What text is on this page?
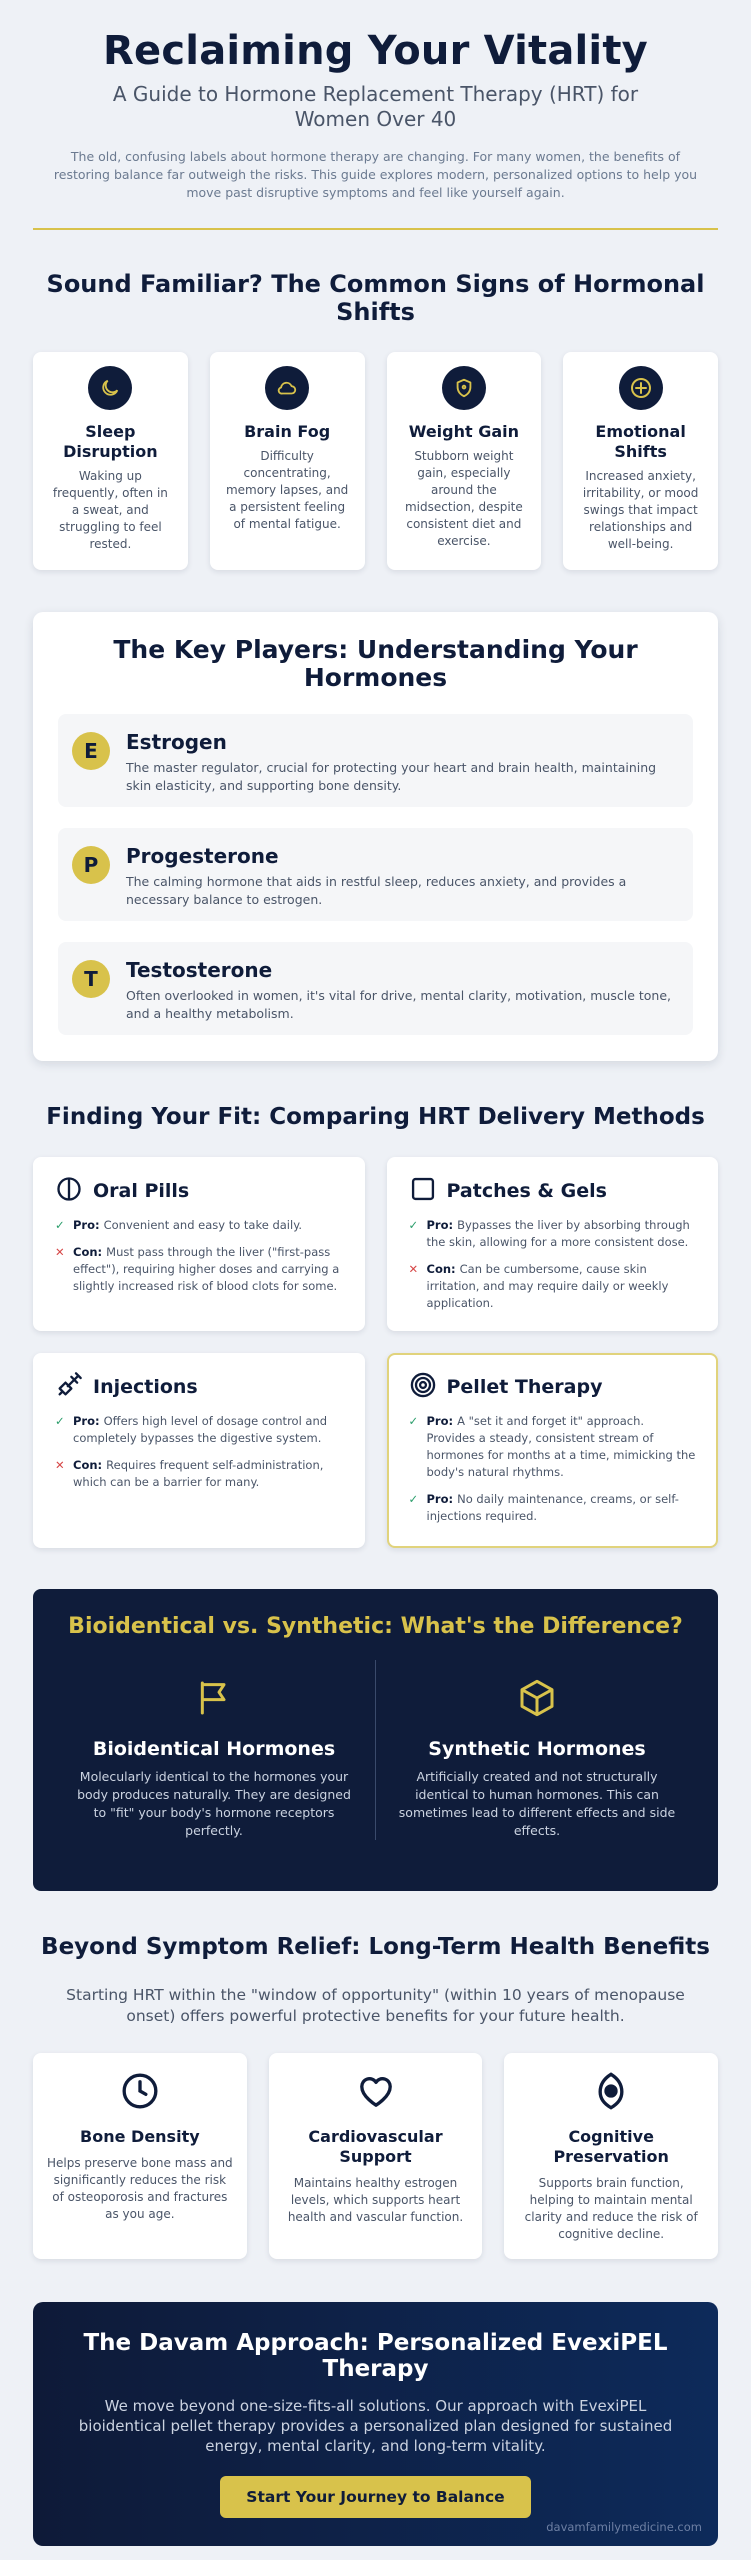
Reclaiming Your Vitality
A Guide to Hormone Replacement Therapy (HRT) for
Women Over 40

The old, confusing labels about hormone therapy are changing. For many women, the benefits of restoring balance far outweigh the risks. This guide explores modern, personalized options to help you move past disruptive symptoms and feel like yourself again.

Sound Familiar? The Common Signs of Hormonal Shifts
Sleep Disruption

Waking up frequently, often in a sweat, and struggling to feel rested.

Brain Fog

Difficulty concentrating, memory lapses, and a persistent feeling of mental fatigue.

Weight Gain

Stubborn weight gain, especially around the midsection, despite consistent diet and exercise.

Emotional Shifts

Increased anxiety, irritability, or mood swings that impact relationships and well-being.

The Key Players: Understanding Your Hormones
E	Estrogen

The master regulator, crucial for protecting your heart and brain health, maintaining skin elasticity, and supporting bone density.

P	Progesterone

The calming hormone that aids in restful sleep, reduces anxiety, and provides a necessary balance to estrogen.

T	Testosterone

Often overlooked in women, it's vital for drive, mental clarity, motivation, muscle tone, and a healthy metabolism.

Finding Your Fit: Comparing HRT Delivery Methods
Oral Pills
✓ Pro: Convenient and easy to take daily.
✕ Con: Must pass through the liver ("first-pass effect"), requiring higher doses and carrying a slightly increased risk of blood clots for some.
Patches & Gels
✓ Pro: Bypasses the liver by absorbing through the skin, allowing for a more consistent dose.
✕ Con: Can be cumbersome, cause skin irritation, and may require daily or weekly application.
Injections
✓ Pro: Offers high level of dosage control and completely bypasses the digestive system.
✕ Con: Requires frequent self-administration, which can be a barrier for many.
Pellet Therapy
✓ Pro: A "set it and forget it" approach. Provides a steady, consistent stream of hormones for months at a time, mimicking the body's natural rhythms.
✓ Pro: No daily maintenance, creams, or self-injections required.
Bioidentical vs. Synthetic: What's the Difference?
Bioidentical Hormones

Molecularly identical to the hormones your body produces naturally. They are designed to "fit" your body's hormone receptors perfectly.

Synthetic Hormones

Artificially created and not structurally identical to human hormones. This can sometimes lead to different effects and side effects.

Beyond Symptom Relief: Long-Term Health Benefits

Starting HRT within the "window of opportunity" (within 10 years of menopause onset) offers powerful protective benefits for your future health.

Bone Density

Helps preserve bone mass and significantly reduces the risk of osteoporosis and fractures as you age.

Cardiovascular Support

Maintains healthy estrogen levels, which supports heart health and vascular function.

Cognitive Preservation

Supports brain function, helping to maintain mental clarity and reduce the risk of cognitive decline.

The Davam Approach: Personalized EvexiPEL Therapy

We move beyond one-size-fits-all solutions. Our approach with EvexiPEL bioidentical pellet therapy provides a personalized plan designed for sustained energy, mental clarity, and long-term vitality.

Start Your Journey to Balance
davamfamilymedicine.com
